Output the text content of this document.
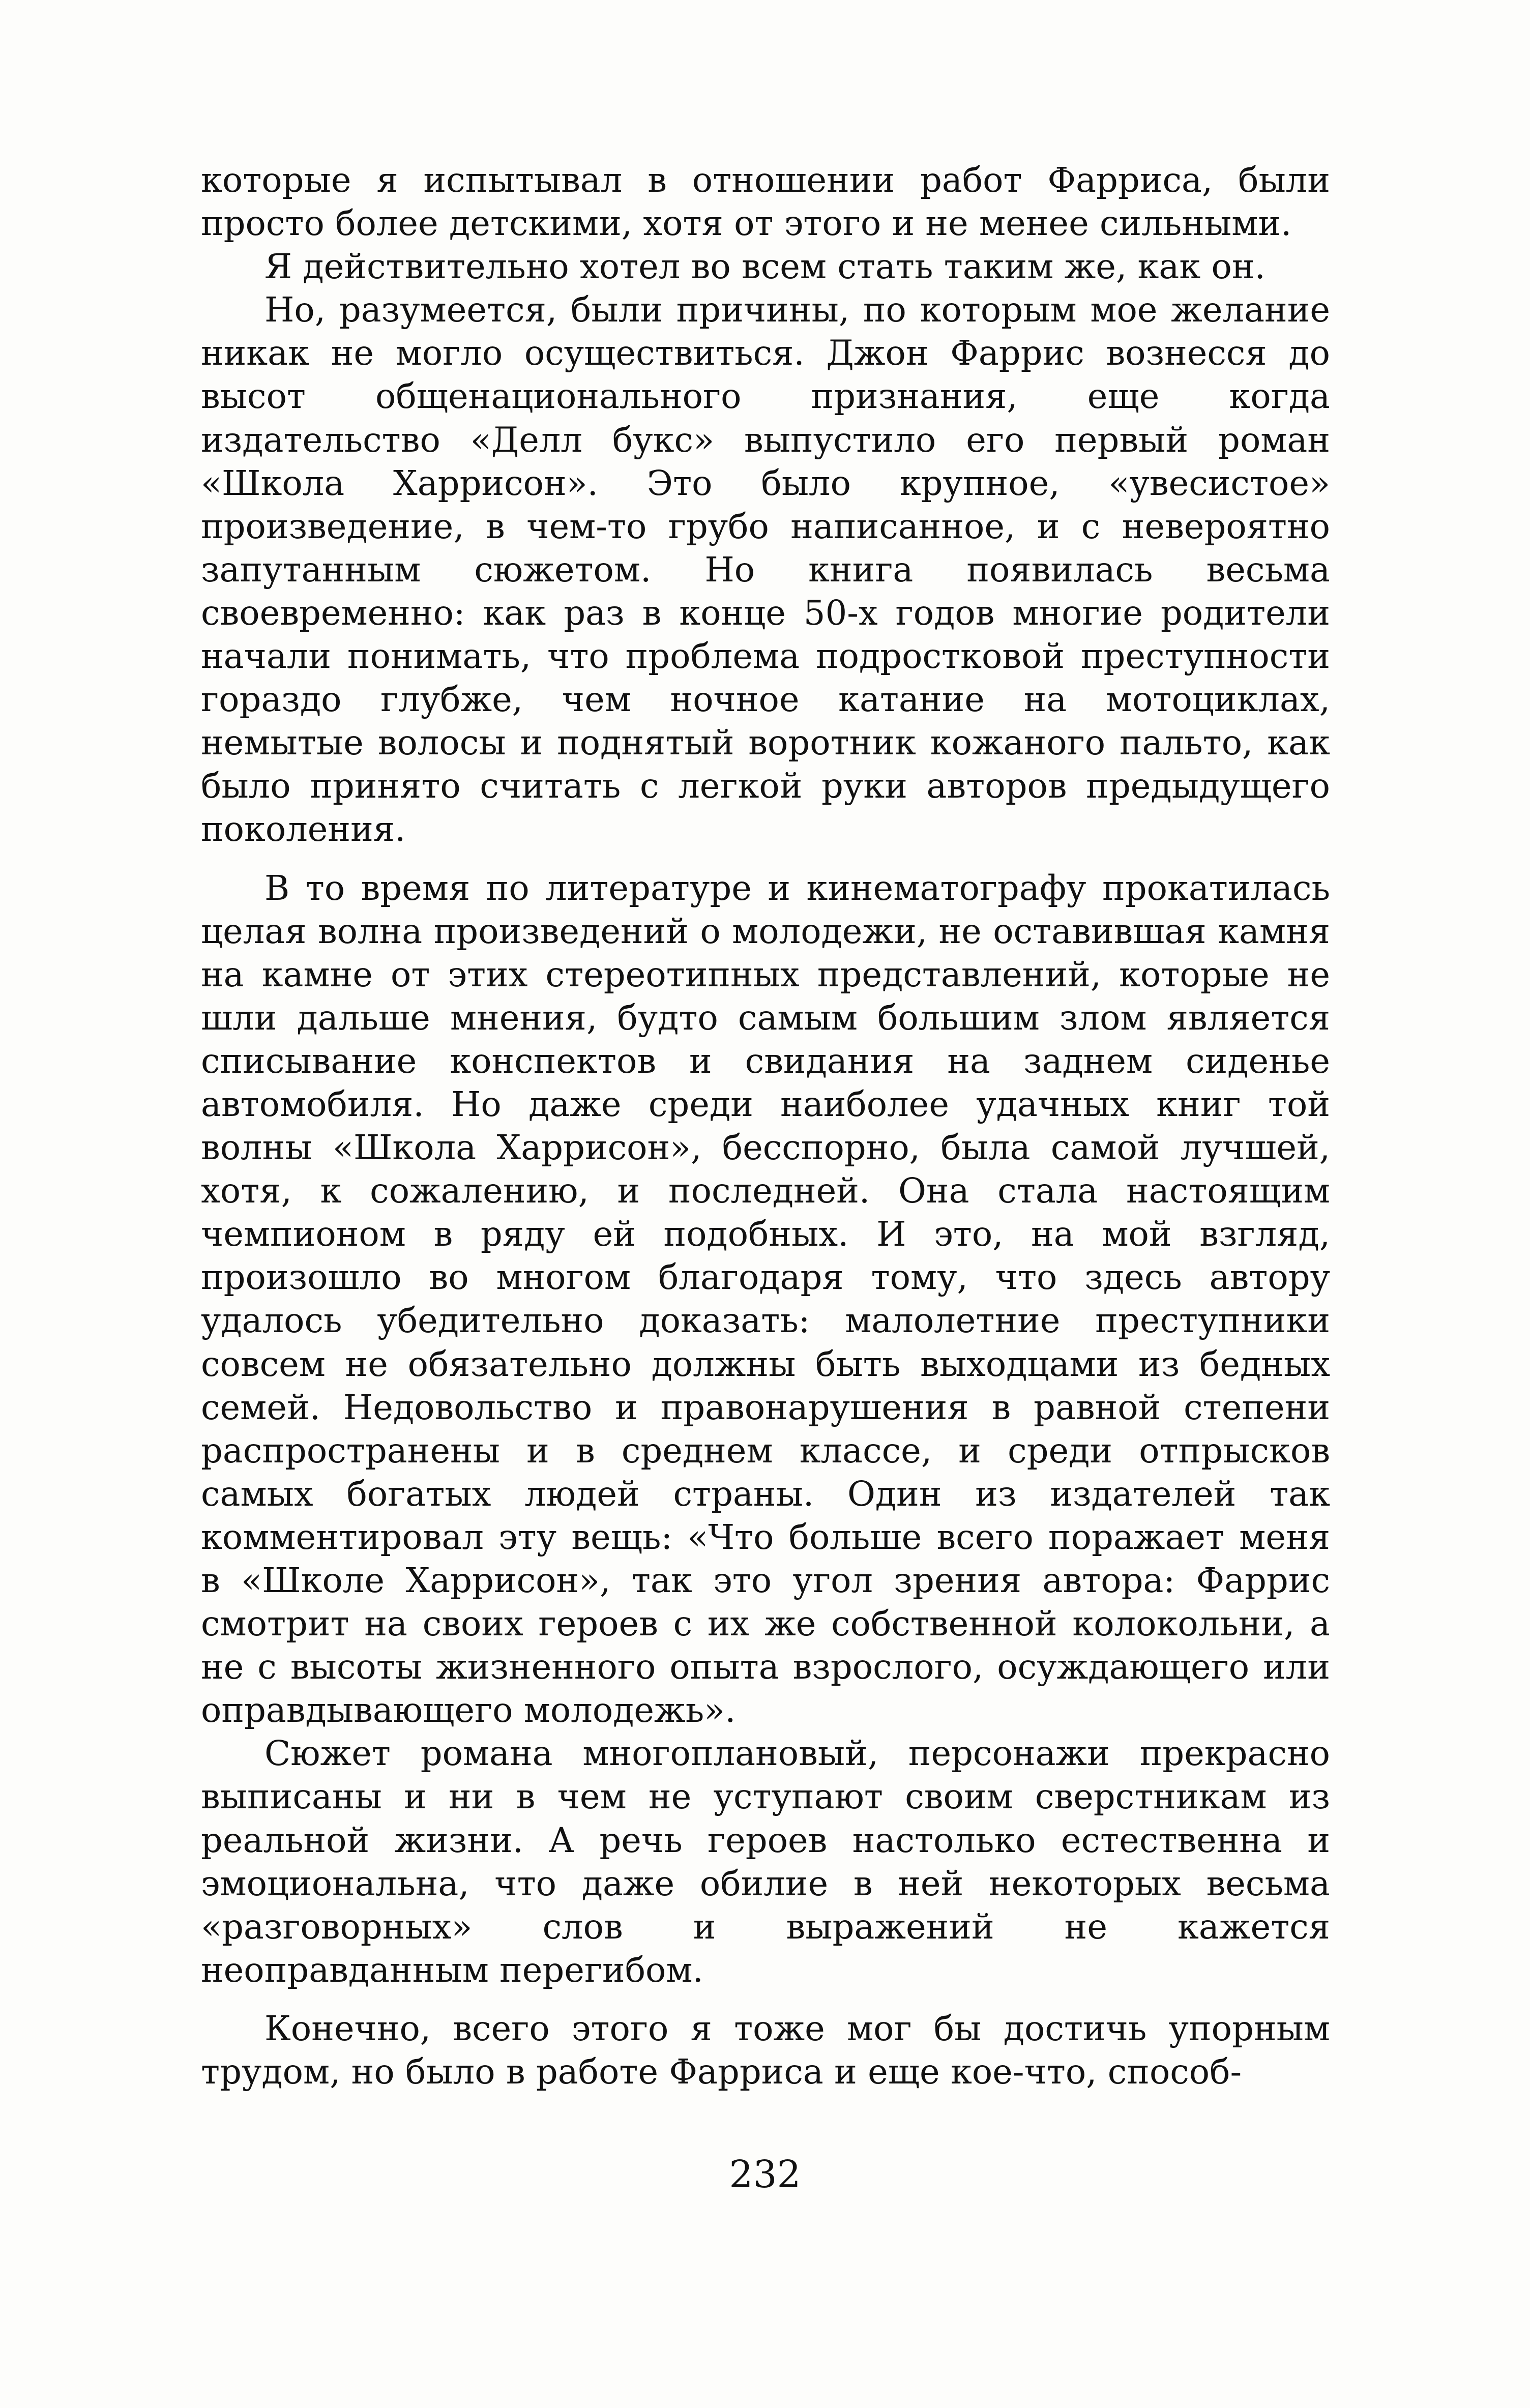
которые я испытывал в отношении работ Фарриса, были просто более детскими, хотя от этого и не менее сильными.

Я действительно хотел во всем стать таким же, как он.

Но, разумеется, были причины, по которым мое желание никак не могло осуществиться. Джон Фаррис вознесся до высот общенационального признания, еще когда издательство «Делл букс» выпустило его первый роман «Школа Харрисон». Это было крупное, «увесистое» произведение, в чем-то грубо написанное, и с невероятно запутанным сюжетом. Но книга появилась весьма своевременно: как раз в конце 50-х годов многие родители начали понимать, что проблема подростковой преступности гораздо глубже, чем ночное катание на мотоциклах, немытые волосы и поднятый воротник кожаного пальто, как было принято считать с легкой руки авторов предыдущего поколения.

В то время по литературе и кинематографу прокатилась целая волна произведений о молодежи, не оставившая камня на камне от этих стереотипных представлений, которые не шли дальше мнения, будто самым большим злом является списывание конспектов и свидания на заднем сиденье автомобиля. Но даже среди наиболее удачных книг той волны «Школа Харрисон», бесспорно, была самой лучшей, хотя, к сожалению, и последней. Она стала настоящим чемпионом в ряду ей подобных. И это, на мой взгляд, произошло во многом благодаря тому, что здесь автору удалось убедительно доказать: малолетние преступники совсем не обязательно должны быть выходцами из бедных семей. Недовольство и правонарушения в равной степени распространены и в среднем классе, и среди отпрысков самых богатых людей страны. Один из издателей так комментировал эту вещь: «Что больше всего поражает меня в «Школе Харрисон», так это угол зрения автора: Фаррис смотрит на своих героев с их же собственной колокольни, а не с высоты жизненного опыта взрослого, осуждающего или оправдывающего молодежь».

Сюжет романа многоплановый, персонажи прекрасно выписаны и ни в чем не уступают своим сверстникам из реальной жизни. А речь героев настолько естественна и эмоциональна, что даже обилие в ней некоторых весьма «разговорных» слов и выражений не кажется неоправданным перегибом.

Конечно, всего этого я тоже мог бы достичь упорным трудом, но было в работе Фарриса и еще кое-что, способ-

232
